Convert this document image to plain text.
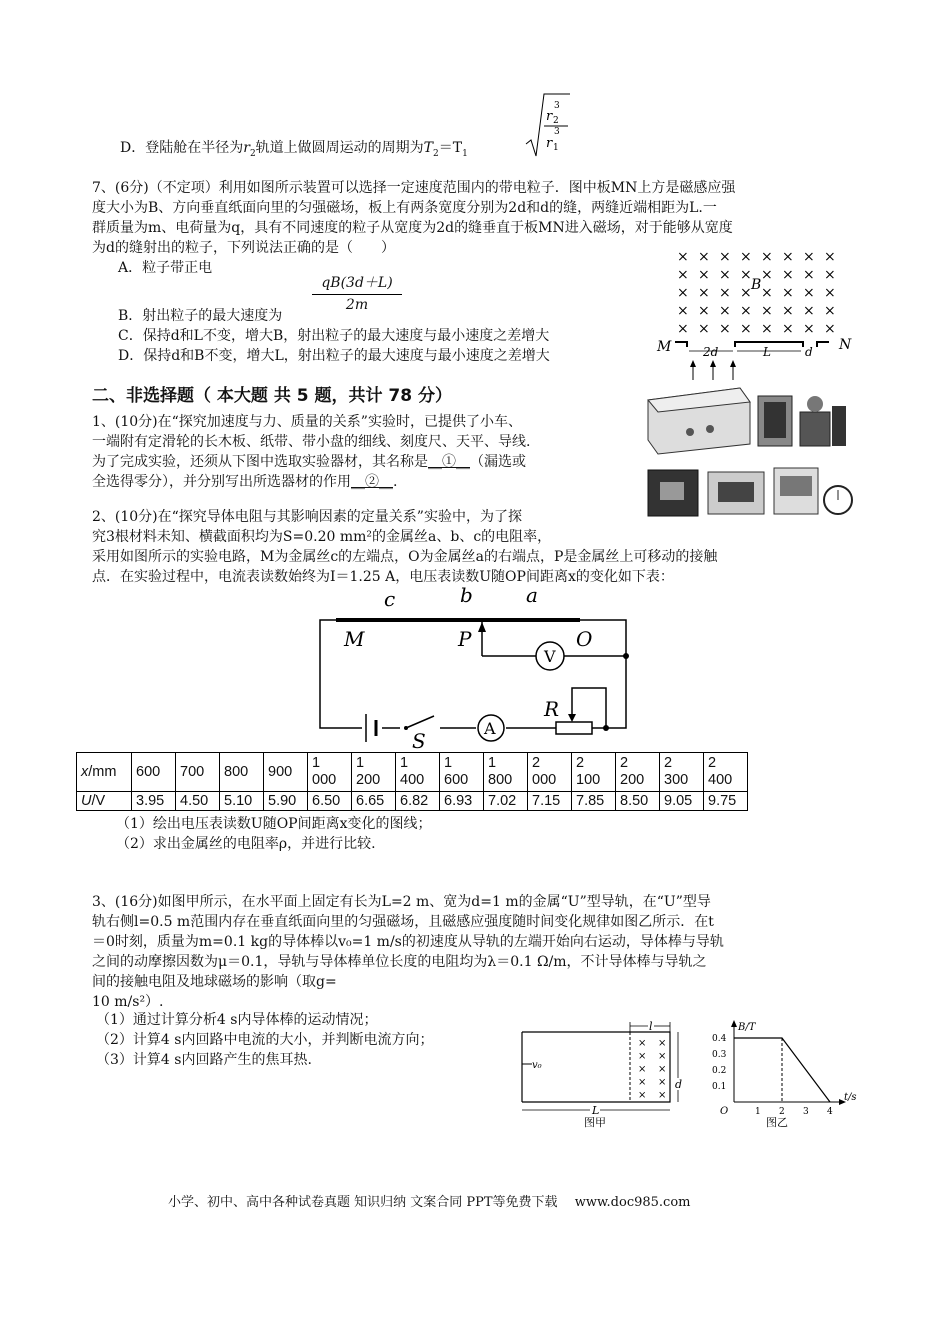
D．登陆舱在半径为$r_2$轨道上做圆周运动的周期为$T_2=T_1$
r 2
3
r 1
3
7、(6分)（不定项）利用如图所示装置可以选择一定速度范围内的带电粒子．图中板MN上方是磁感应强
度大小为B、方向垂直纸面向里的匀强磁场，板上有两条宽度分别为2d和d的缝，两缝近端相距为L.一
群质量为m、电荷量为q，具有不同速度的粒子从宽度为2d的缝垂直于板MN进入磁场，对于能够从宽度
为d的缝射出的粒子，下列说法正确的是（　　）
A．粒子带正电
qB(3d＋L)
2m
B．射出粒子的最大速度为
C．保持d和L不变，增大B，射出粒子的最大速度与最小速度之差增大
D．保持d和B不变，增大L，射出粒子的最大速度与最小速度之差增大
× × × × × × × ×
× × × × × × × ×
× × × × × × × ×
× × × × × × × ×
× × × × × × × ×
B
M	N
2d	L	d
二、非选择题（ 本大题 共 5 题，共计 78 分）
1、(10分)在“探究加速度与力、质量的关系”实验时，已提供了小车、
一端附有定滑轮的长木板、纸带、带小盘的细线、刻度尺、天平、导线.
为了完成实验，还须从下图中选取实验器材，其名称是__①__（漏选或
全选得零分），并分别写出所选器材的作用__②__.
2、(10分)在“探究导体电阻与其影响因素的定量关系”实验中，为了探
究3根材料未知、横截面积均为S=0.20 mm²的金属丝a、b、c的电阻率，
采用如图所示的实验电路，M为金属丝c的左端点，O为金属丝a的右端点，P是金属丝上可移动的接触
点．在实验过程中，电流表读数始终为I＝1.25 A，电压表读数U随OP间距离x的变化如下表：
c	b	a
M	P	O
V
S
A
R
x/mm	600	700	800	900	1 000	1 200	1 400	1 600	1 800	2 000	2 100	2 200	2 300	2 400
U/V	3.95	4.50	5.10	5.90	6.50	6.65	6.82	6.93	7.02	7.15	7.85	8.50	9.05	9.75
（1）绘出电压表读数U随OP间距离x变化的图线；
（2）求出金属丝的电阻率ρ，并进行比较.
3、(16分)如图甲所示，在水平面上固定有长为L=2 m、宽为d=1 m的金属“U”型导轨，在“U”型导
轨右侧l=0.5 m范围内存在垂直纸面向里的匀强磁场，且磁感应强度随时间变化规律如图乙所示．在t
＝0时刻，质量为m=0.1 kg的导体棒以v₀=1 m/s的初速度从导轨的左端开始向右运动，导体棒与导轨
之间的动摩擦因数为μ＝0.1，导轨与导体棒单位长度的电阻均为λ＝0.1 Ω/m，不计导体棒与导轨之
间的接触电阻及地球磁场的影响（取g=
10 m/s²）.
（1）通过计算分析4 s内导体棒的运动情况；
（2）计算4 s内回路中电流的大小，并判断电流方向；
（3）计算4 s内回路产生的焦耳热.
l
v₀
× ×
× ×
× ×
× ×
× ×
d
L
图甲
B/T
t/s
O
0.4
0.3
0.2
0.1
1 2 3 4
图乙
小学、初中、高中各种试卷真题 知识归纳 文案合同 PPT等免费下载　 www.doc985.com
